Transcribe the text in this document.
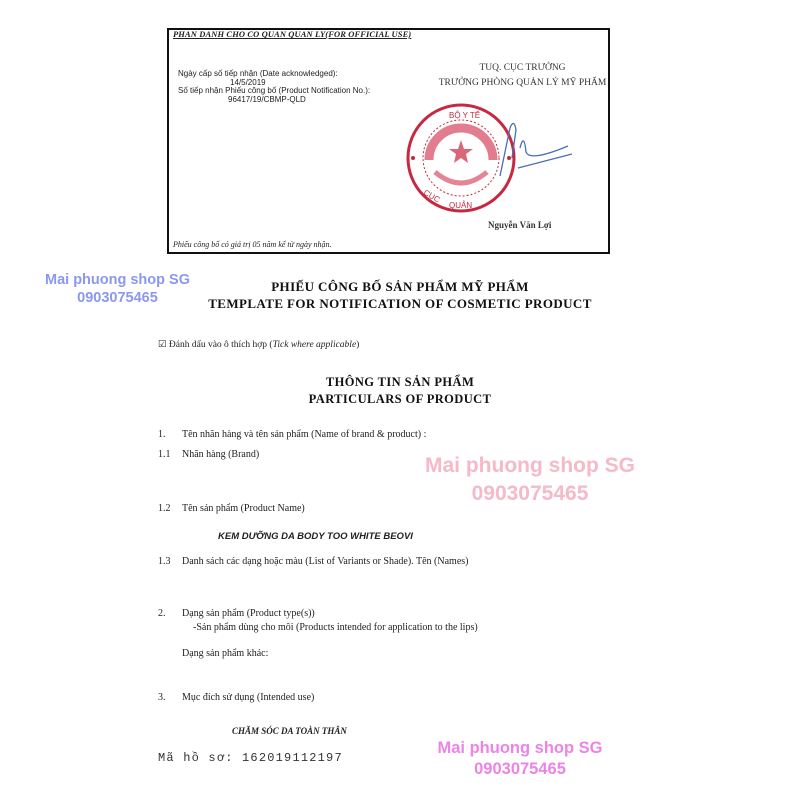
PHAN DANH CHO CO QUAN QUAN LY(FOR OFFICIAL USE)
Ngày cấp số tiếp nhận (Date acknowledged):
14/5/2019
Số tiếp nhận Phiếu công bố (Product Notification No.):
96417/19/CBMP-QLD
TUQ. CỤC TRƯỞNG
TRƯỞNG PHÒNG QUẢN LÝ MỸ PHẨM
BỘ Y TẾ
CỤC
QUẢN
Nguyễn Văn Lợi
Phiếu công bố có giá trị 05 năm kể từ ngày nhận.
Mai phuong shop SG
0903075465
PHIẾU CÔNG BỐ SẢN PHẨM MỸ PHẨM
TEMPLATE FOR NOTIFICATION OF COSMETIC PRODUCT
☑ Đánh dấu vào ô thích hợp (Tick where applicable)
THÔNG TIN SẢN PHẨM
PARTICULARS OF PRODUCT
1. Tên nhãn hàng và tên sản phẩm (Name of brand & product) :
1.1 Nhãn hàng (Brand)	Mai phuong shop SG
0903075465
1.2 Tên sản phẩm (Product Name)
KEM DƯỠNG DA BODY TOO WHITE BEOVI
1.3 Danh sách các dạng hoặc màu (List of Variants or Shade). Tên (Names)
2. Dạng sản phẩm (Product type(s))
-Sản phẩm dùng cho môi (Products intended for application to the lips)
Dạng sản phẩm khác:
3. Mục đích sử dụng (Intended use)
CHĂM SÓC DA TOÀN THÂN
Mã hồ sơ: 162019112197
Mai phuong shop SG
0903075465
